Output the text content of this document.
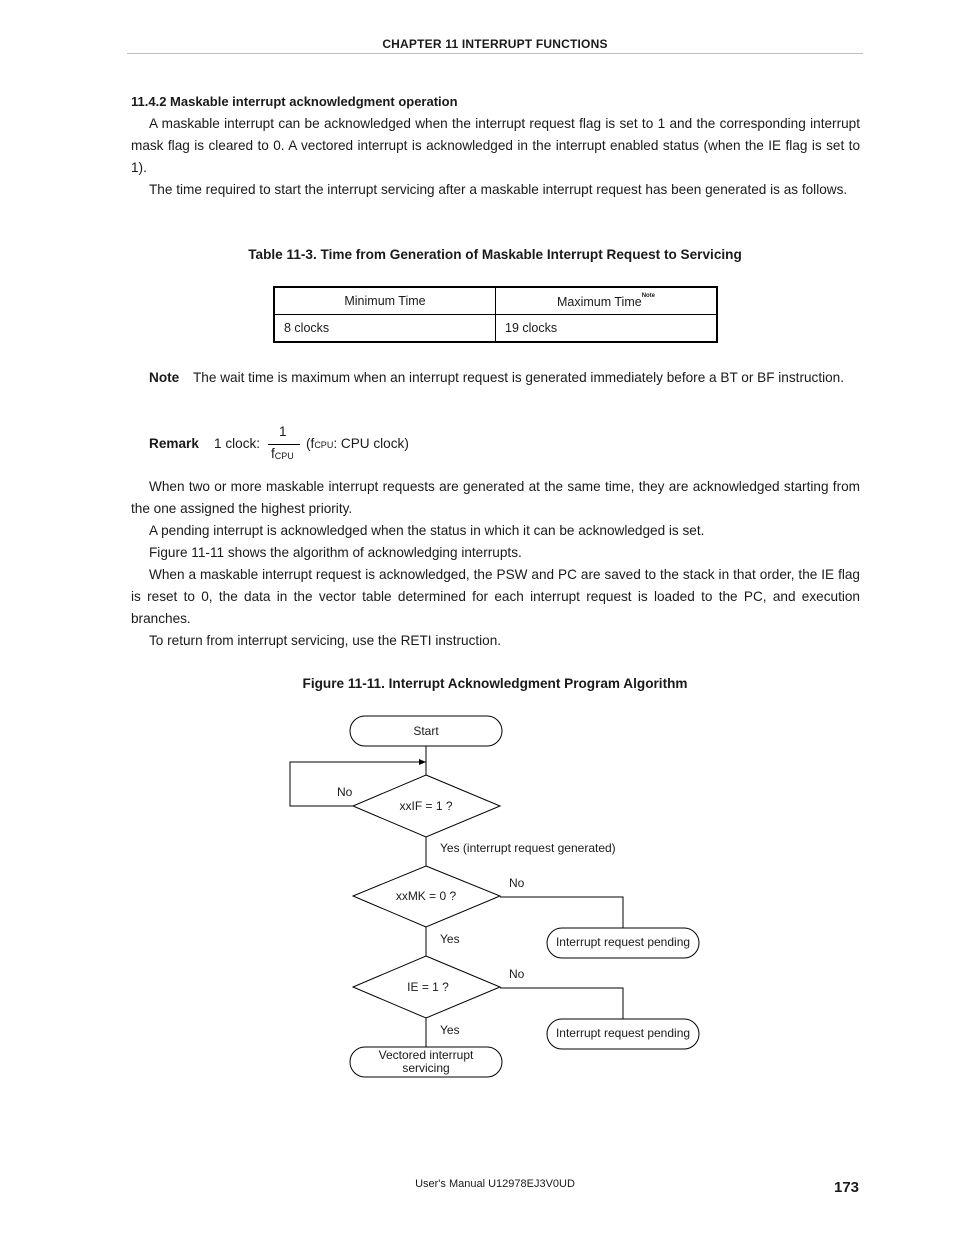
CHAPTER 11 INTERRUPT FUNCTIONS
11.4.2 Maskable interrupt acknowledgment operation

A maskable interrupt can be acknowledged when the interrupt request flag is set to 1 and the corresponding interrupt mask flag is cleared to 0. A vectored interrupt is acknowledged in the interrupt enabled status (when the IE flag is set to 1).

The time required to start the interrupt servicing after a maskable interrupt request has been generated is as follows.

Table 11-3. Time from Generation of Maskable Interrupt Request to Servicing
Minimum Time	Maximum Time$^{Note}$
8 clocks	19 clocks
Note The wait time is maximum when an interrupt request is generated immediately before a BT or BF instruction.

Remark 1 clock:
1
$f_{CPU}$
(fCPU: CPU clock)

When two or more maskable interrupt requests are generated at the same time, they are acknowledged starting from the one assigned the highest priority.

A pending interrupt is acknowledged when the status in which it can be acknowledged is set.

Figure 11-11 shows the algorithm of acknowledging interrupts.

When a maskable interrupt request is acknowledged, the PSW and PC are saved to the stack in that order, the IE flag is reset to 0, the data in the vector table determined for each interrupt request is loaded to the PC, and execution branches.

To return from interrupt servicing, use the RETI instruction.

Figure 11-11. Interrupt Acknowledgment Program Algorithm
Start
xxIF = 1 ?
No
Yes (interrupt request generated)
xxMK = 0 ?
No
Yes	Interrupt request pending
IE = 1 ?
No
Yes	Interrupt request pending
Vectored interrupt
servicing
User's Manual U12978EJ3V0UD	173
